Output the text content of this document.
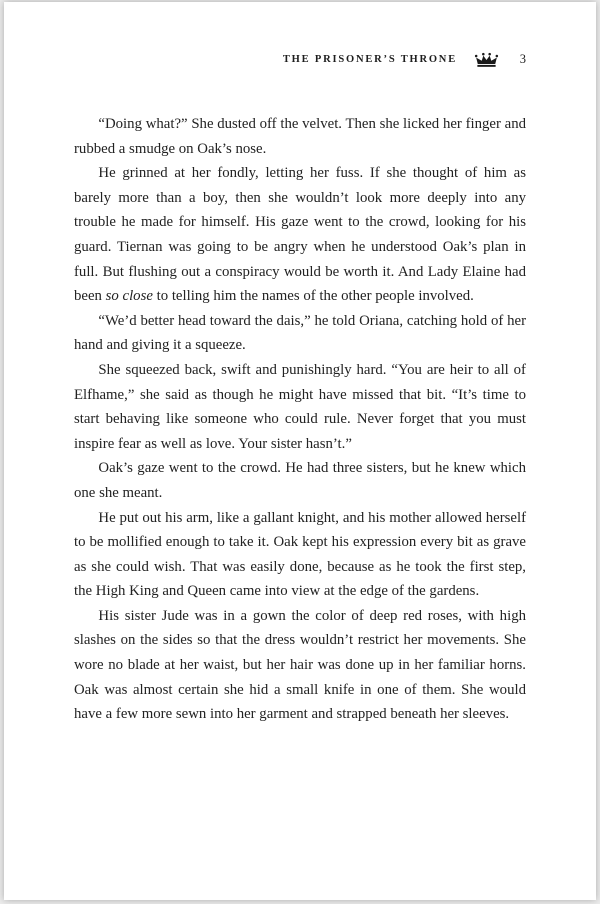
THE PRISONER’S THRONE	3

“Doing what?” She dusted off the velvet. Then she licked her finger and rubbed a smudge on Oak’s nose.

He grinned at her fondly, letting her fuss. If she thought of him as barely more than a boy, then she wouldn’t look more deeply into any trouble he made for himself. His gaze went to the crowd, looking for his guard. Tiernan was going to be angry when he understood Oak’s plan in full. But flushing out a conspiracy would be worth it. And Lady Elaine had been so close to telling him the names of the other people involved.

“We’d better head toward the dais,” he told Oriana, catching hold of her hand and giving it a squeeze.

She squeezed back, swift and punishingly hard. “You are heir to all of Elfhame,” she said as though he might have missed that bit. “It’s time to start behaving like someone who could rule. Never forget that you must inspire fear as well as love. Your sister hasn’t.”

Oak’s gaze went to the crowd. He had three sisters, but he knew which one she meant.

He put out his arm, like a gallant knight, and his mother allowed herself to be mollified enough to take it. Oak kept his expression every bit as grave as she could wish. That was easily done, because as he took the first step, the High King and Queen came into view at the edge of the gardens.

His sister Jude was in a gown the color of deep red roses, with high slashes on the sides so that the dress wouldn’t restrict her movements. She wore no blade at her waist, but her hair was done up in her familiar horns. Oak was almost certain she hid a small knife in one of them. She would have a few more sewn into her garment and strapped beneath her sleeves.
